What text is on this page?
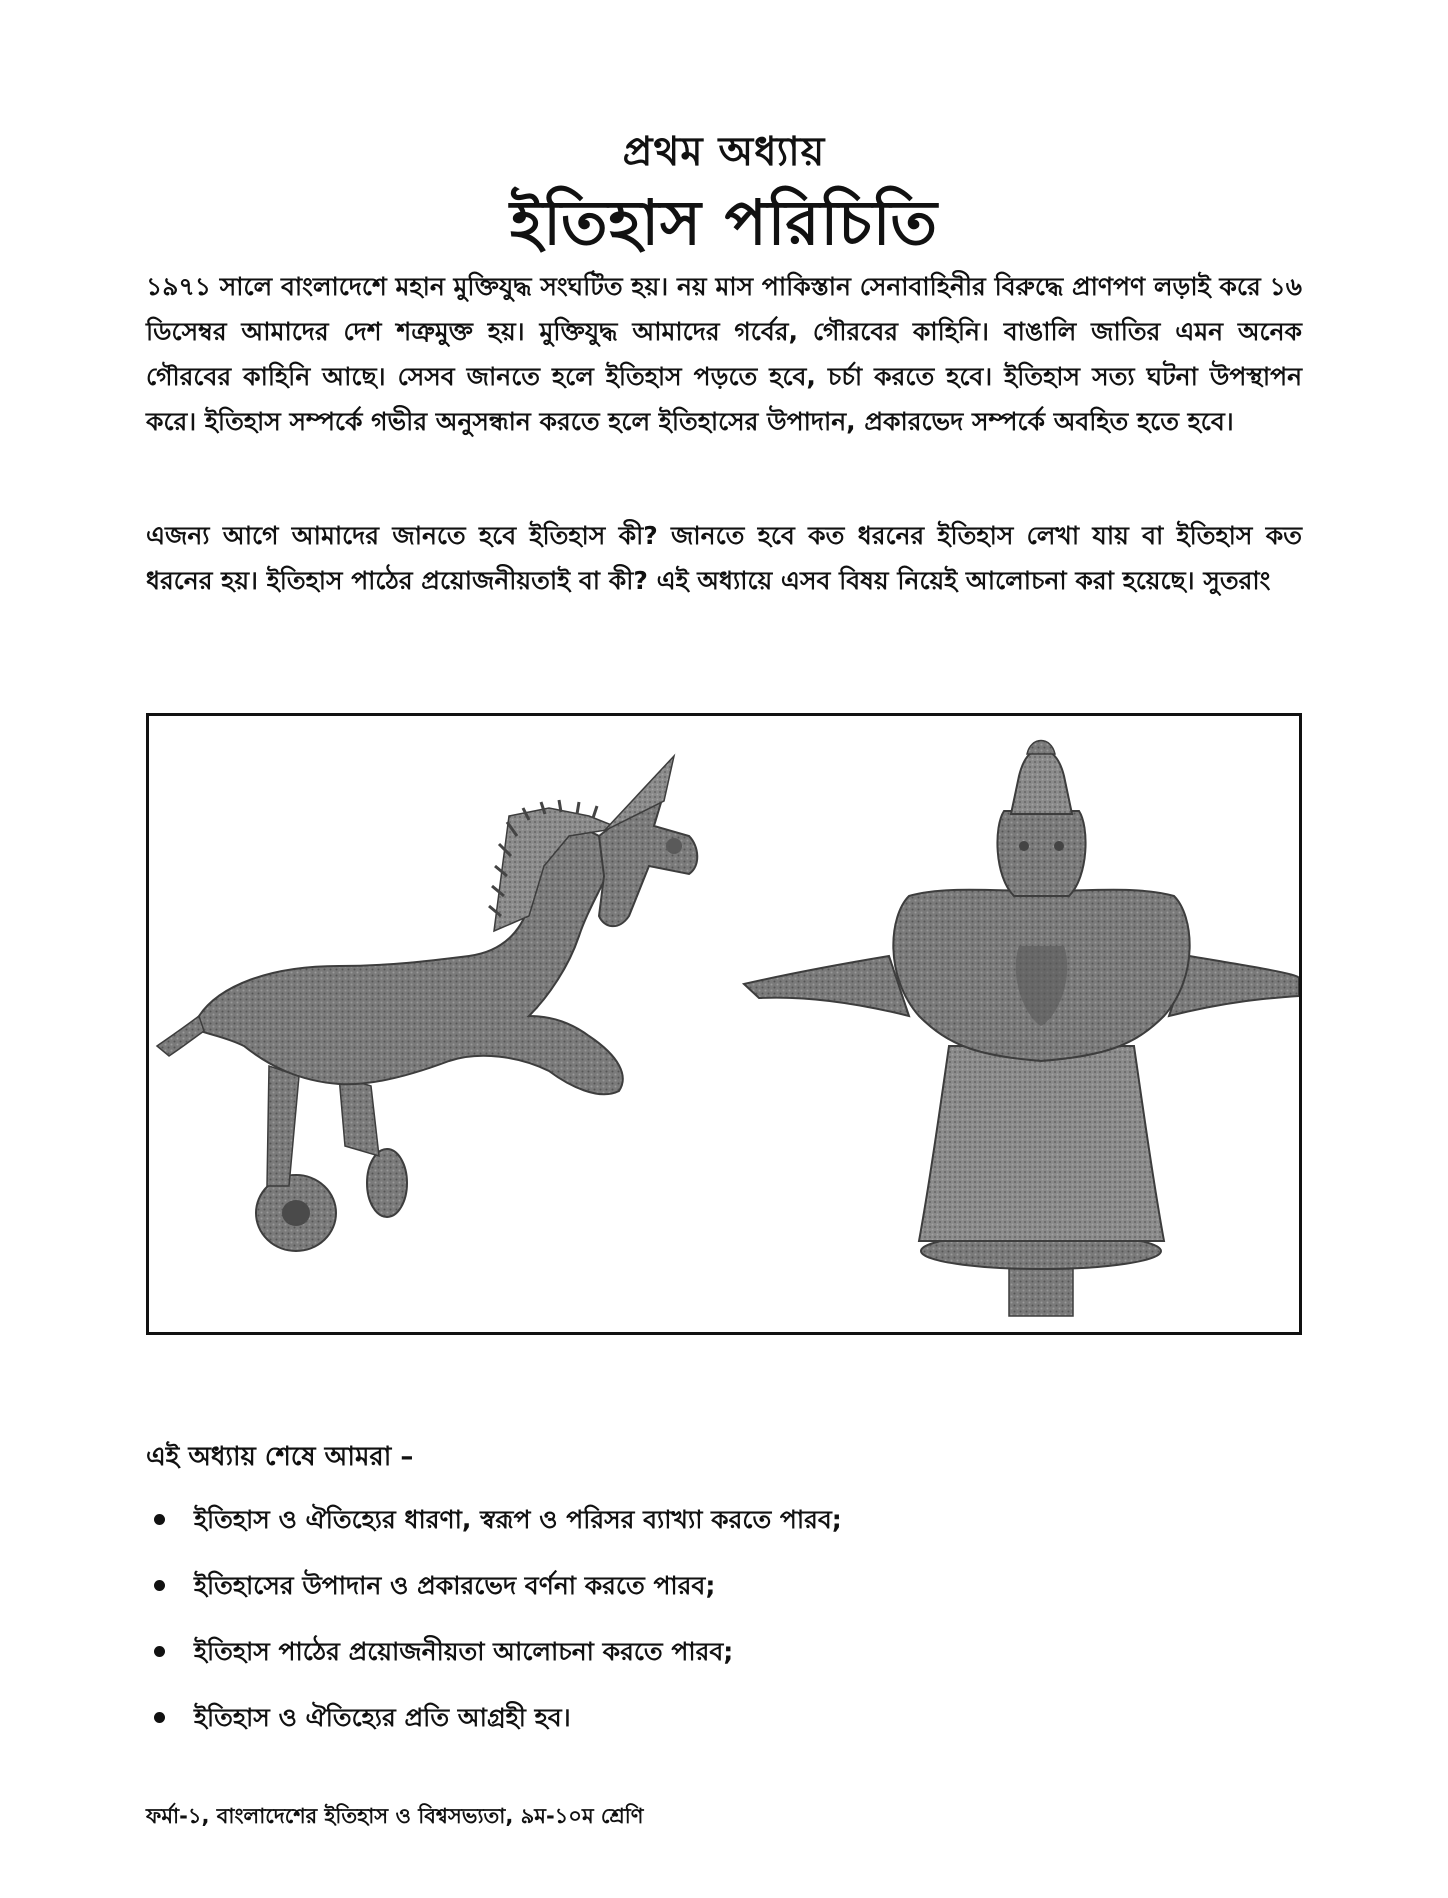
প্রথম অধ্যায়
ইতিহাস পরিচিতি

১৯৭১ সালে বাংলাদেশে মহান মুক্তিযুদ্ধ সংঘটিত হয়। নয় মাস পাকিস্তান সেনাবাহিনীর বিরুদ্ধে প্রাণপণ লড়াই করে ১৬ ডিসেম্বর আমাদের দেশ শত্রুমুক্ত হয়। মুক্তিযুদ্ধ আমাদের গর্বের, গৌরবের কাহিনি। বাঙালি জাতির এমন অনেক গৌরবের কাহিনি আছে। সেসব জানতে হলে ইতিহাস পড়তে হবে, চর্চা করতে হবে। ইতিহাস সত্য ঘটনা উপস্থাপন করে। ইতিহাস সম্পর্কে গভীর অনুসন্ধান করতে হলে ইতিহাসের উপাদান, প্রকারভেদ সম্পর্কে অবহিত হতে হবে।

এজন্য আগে আমাদের জানতে হবে ইতিহাস কী? জানতে হবে কত ধরনের ইতিহাস লেখা যায় বা ইতিহাস কত ধরনের হয়। ইতিহাস পাঠের প্রয়োজনীয়তাই বা কী? এই অধ্যায়ে এসব বিষয় নিয়েই আলোচনা করা হয়েছে। সুতরাং

এই অধ্যায় শেষে আমরা –
ইতিহাস ও ঐতিহ্যের ধারণা, স্বরূপ ও পরিসর ব্যাখ্যা করতে পারব;
ইতিহাসের উপাদান ও প্রকারভেদ বর্ণনা করতে পারব;
ইতিহাস পাঠের প্রয়োজনীয়তা আলোচনা করতে পারব;
ইতিহাস ও ঐতিহ্যের প্রতি আগ্রহী হব।
ফর্মা-১, বাংলাদেশের ইতিহাস ও বিশ্বসভ্যতা, ৯ম-১০ম শ্রেণি
